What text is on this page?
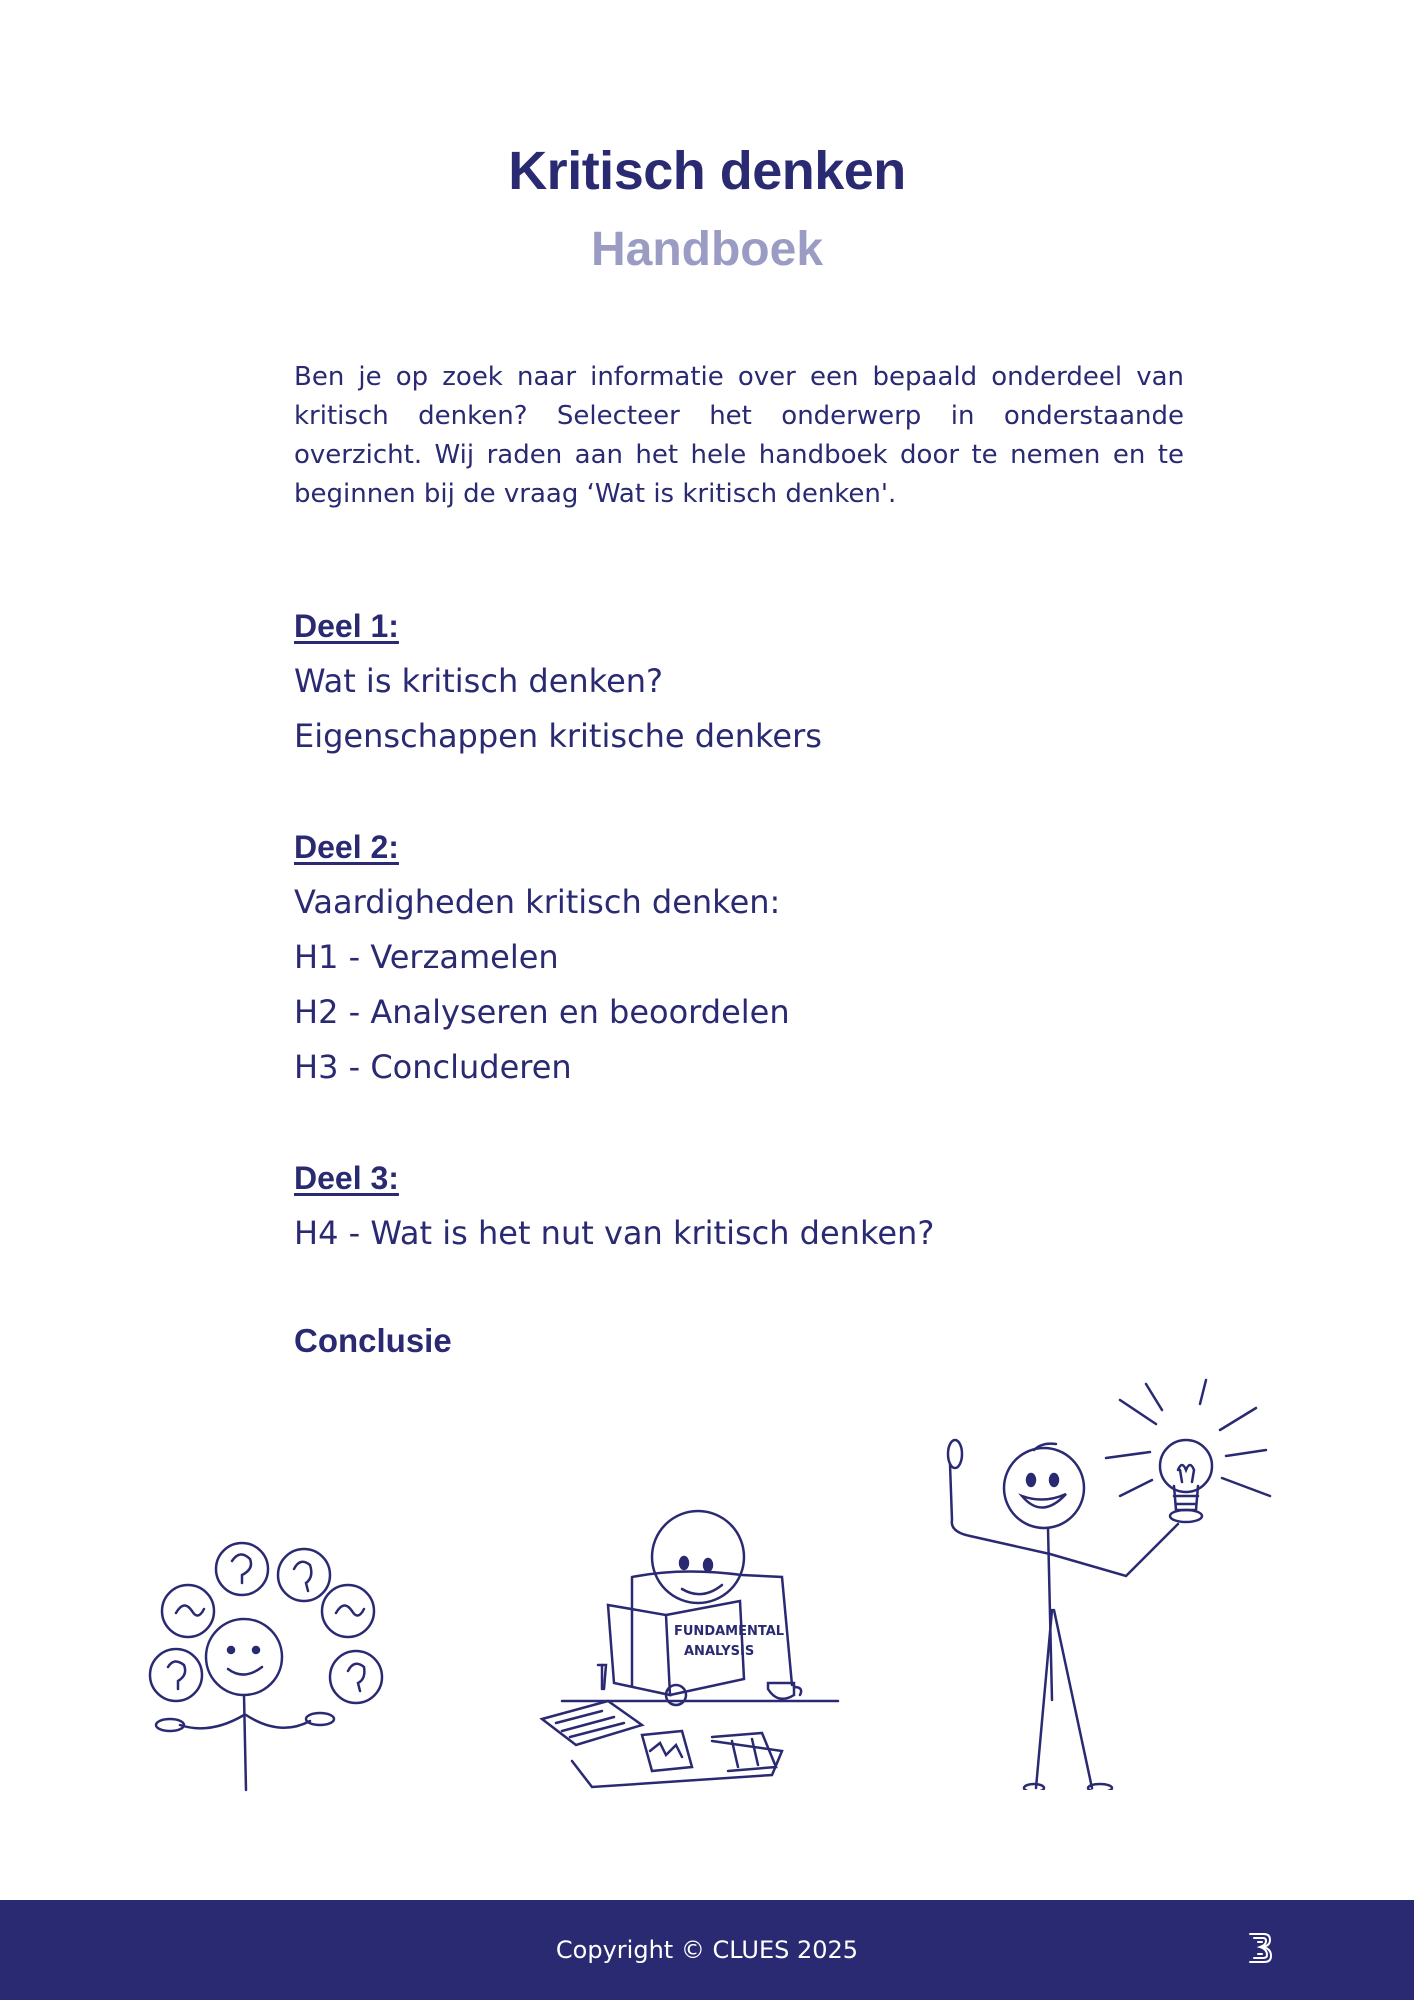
Kritisch denken
Handboek

Ben je op zoek naar informatie over een bepaald onderdeel van kritisch denken? Selecteer het onderwerp in onderstaande overzicht. Wij raden aan het hele handboek door te nemen en te beginnen bij de vraag ‘Wat is kritisch denken'.

Deel 1:
Wat is kritisch denken?
Eigenschappen kritische denkers
Deel 2:
Vaardigheden kritisch denken:
H1 - Verzamelen
H2 - Analyseren en beoordelen
H3 - Concluderen
Deel 3:
H4 - Wat is het nut van kritisch denken?
Conclusie
FUNDAMENTAL
ANALYSIS
Copyright © CLUES 2025
